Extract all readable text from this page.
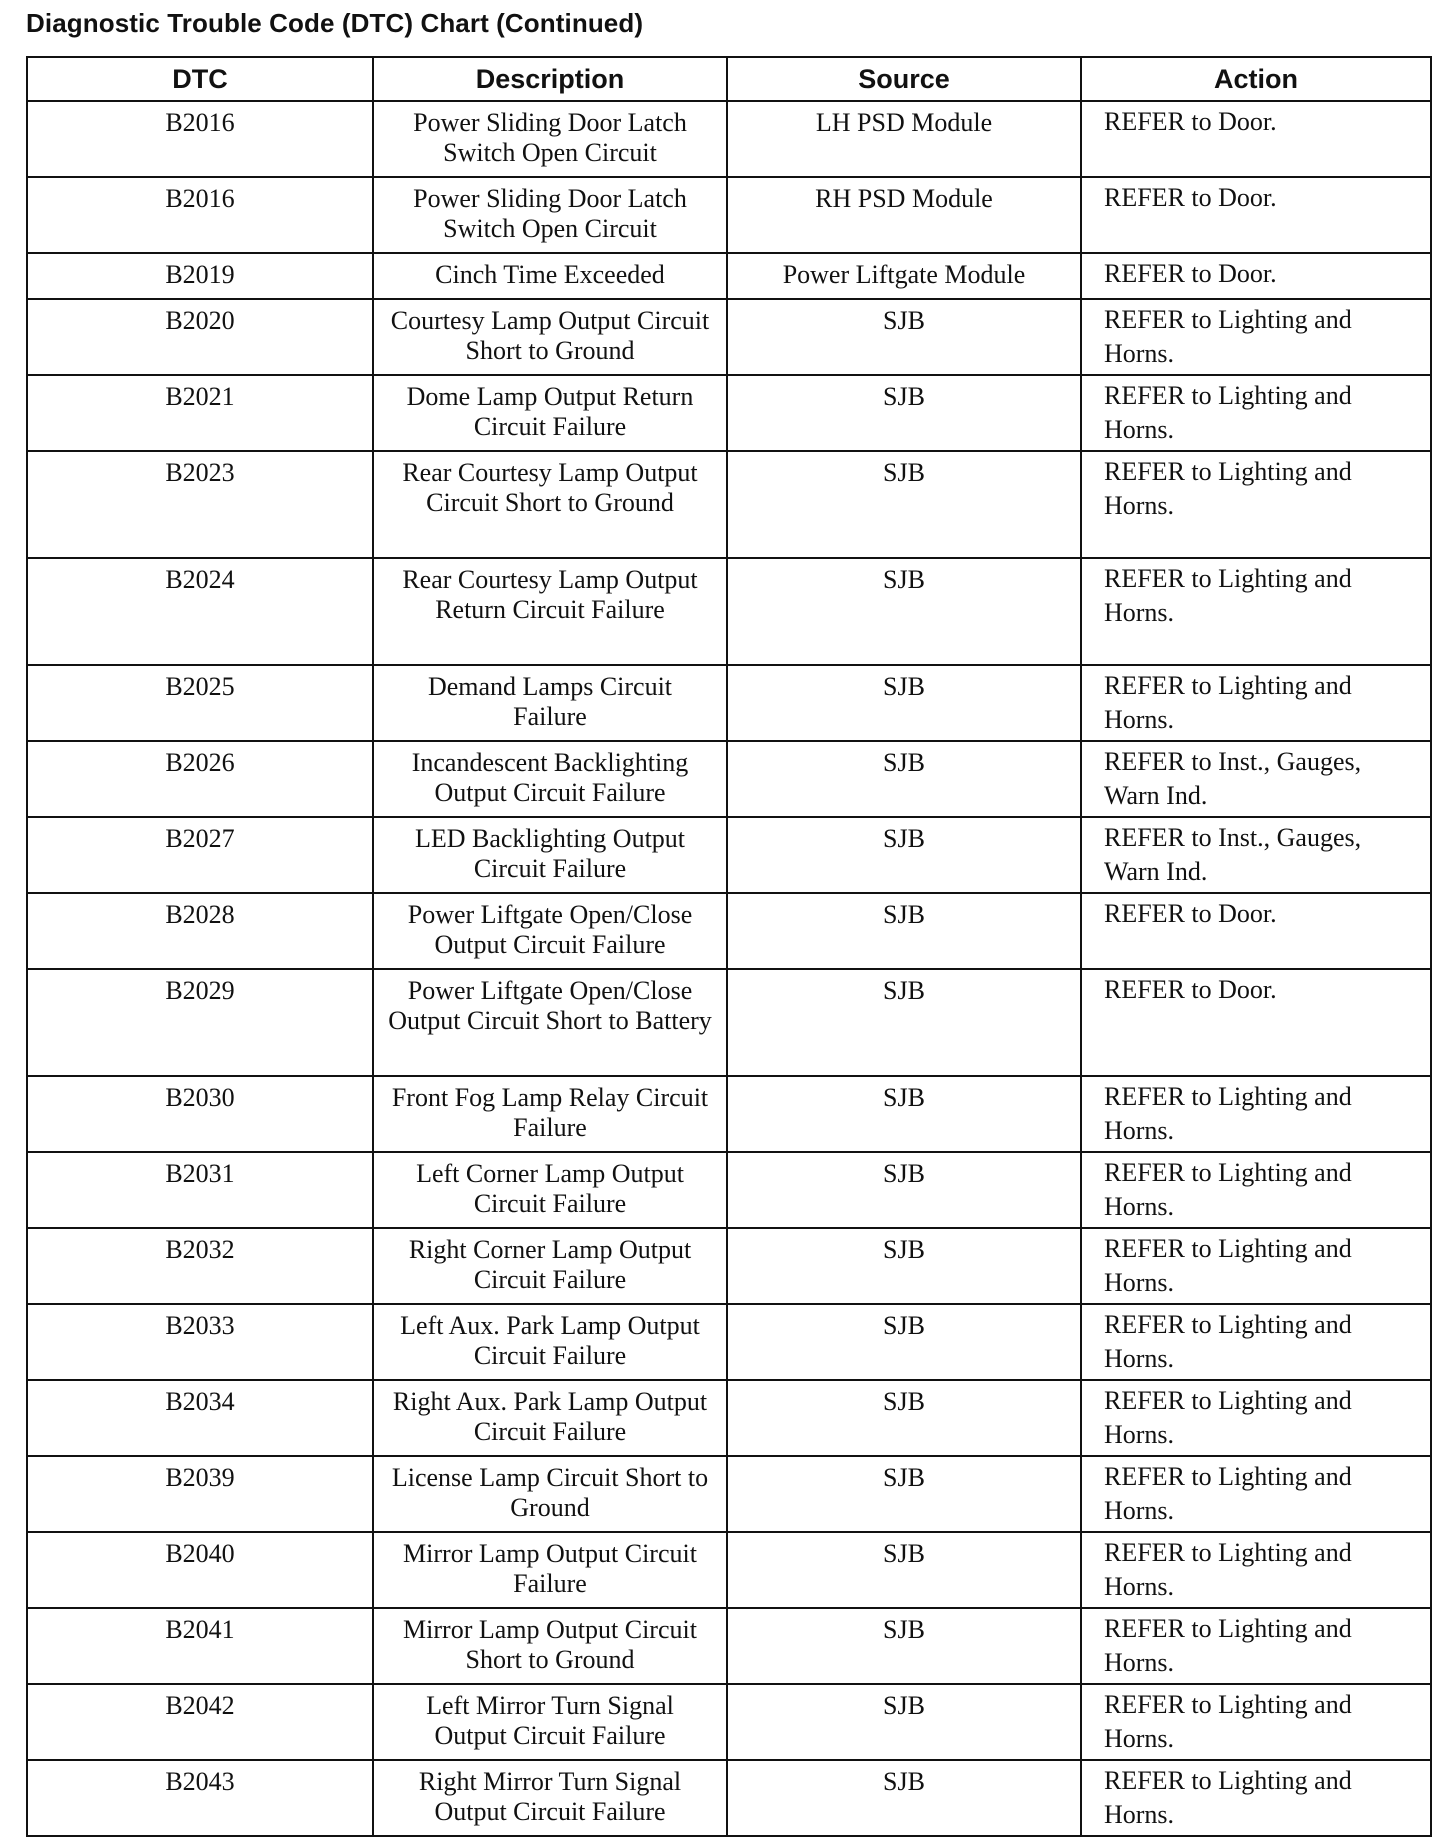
Diagnostic Trouble Code (DTC) Chart (Continued)
DTC	Description	Source	Action
B2016	Power Sliding Door Latch Switch Open Circuit	LH PSD Module	REFER to Door.
B2016	Power Sliding Door Latch Switch Open Circuit	RH PSD Module	REFER to Door.
B2019	Cinch Time Exceeded	Power Liftgate Module	REFER to Door.
B2020	Courtesy Lamp Output Circuit Short to Ground	SJB	REFER to Lighting and Horns.
B2021	Dome Lamp Output Return Circuit Failure	SJB	REFER to Lighting and Horns.
B2023	Rear Courtesy Lamp Output Circuit Short to Ground	SJB	REFER to Lighting and Horns.
B2024	Rear Courtesy Lamp Output Return Circuit Failure	SJB	REFER to Lighting and Horns.
B2025	Demand Lamps Circuit Failure	SJB	REFER to Lighting and Horns.
B2026	Incandescent Backlighting Output Circuit Failure	SJB	REFER to Inst., Gauges, Warn Ind.
B2027	LED Backlighting Output Circuit Failure	SJB	REFER to Inst., Gauges, Warn Ind.
B2028	Power Liftgate Open/Close Output Circuit Failure	SJB	REFER to Door.
B2029	Power Liftgate Open/Close Output Circuit Short to Battery	SJB	REFER to Door.
B2030	Front Fog Lamp Relay Circuit Failure	SJB	REFER to Lighting and Horns.
B2031	Left Corner Lamp Output Circuit Failure	SJB	REFER to Lighting and Horns.
B2032	Right Corner Lamp Output Circuit Failure	SJB	REFER to Lighting and Horns.
B2033	Left Aux. Park Lamp Output Circuit Failure	SJB	REFER to Lighting and Horns.
B2034	Right Aux. Park Lamp Output Circuit Failure	SJB	REFER to Lighting and Horns.
B2039	License Lamp Circuit Short to Ground	SJB	REFER to Lighting and Horns.
B2040	Mirror Lamp Output Circuit Failure	SJB	REFER to Lighting and Horns.
B2041	Mirror Lamp Output Circuit Short to Ground	SJB	REFER to Lighting and Horns.
B2042	Left Mirror Turn Signal Output Circuit Failure	SJB	REFER to Lighting and Horns.
B2043	Right Mirror Turn Signal Output Circuit Failure	SJB	REFER to Lighting and Horns.
